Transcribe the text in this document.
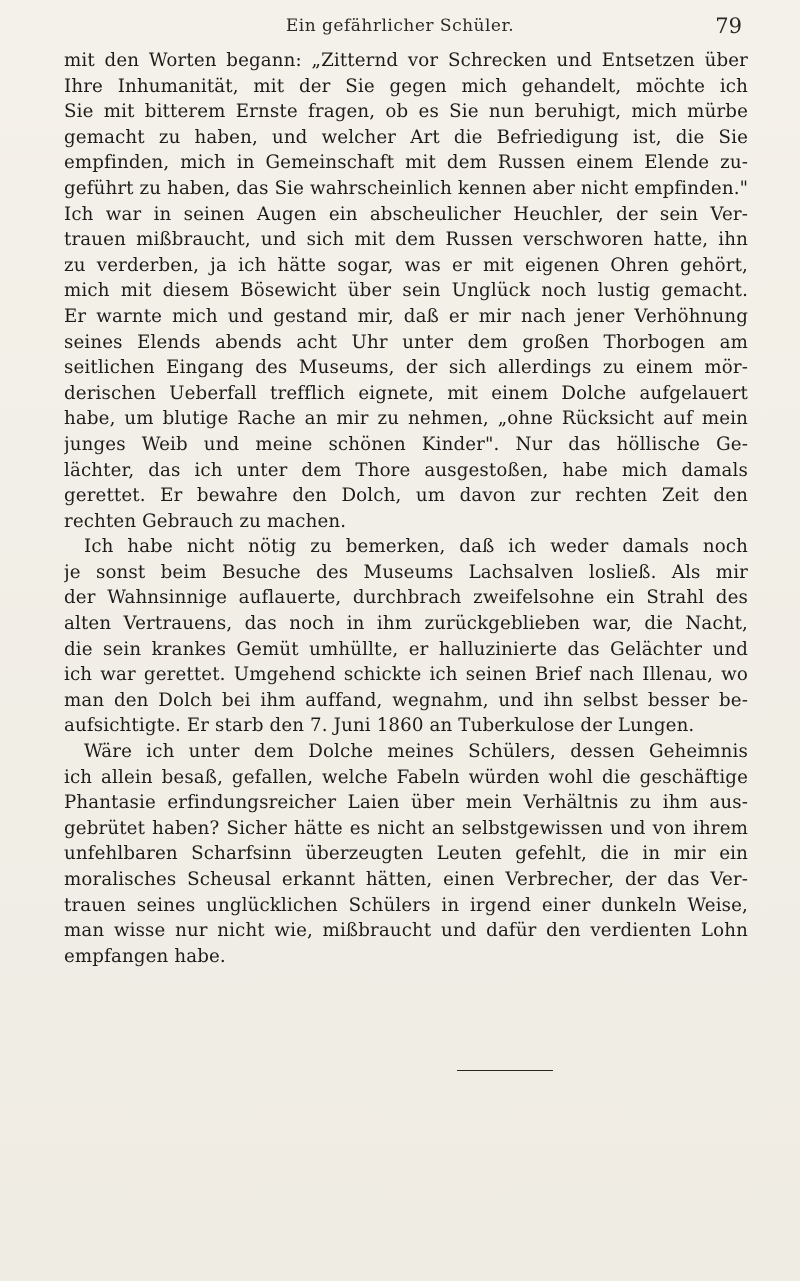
Ein gefährlicher Schüler.	79
mit den Worten begann: „Zitternd vor Schrecken und Entsetzen über
Ihre Inhumanität, mit der Sie gegen mich gehandelt, möchte ich
Sie mit bitterem Ernste fragen, ob es Sie nun beruhigt, mich mürbe
gemacht zu haben, und welcher Art die Befriedigung ist, die Sie
empfinden, mich in Gemeinschaft mit dem Russen einem Elende zu-
geführt zu haben, das Sie wahrscheinlich kennen aber nicht empfinden."
Ich war in seinen Augen ein abscheulicher Heuchler, der sein Ver-
trauen mißbraucht, und sich mit dem Russen verschworen hatte, ihn
zu verderben, ja ich hätte sogar, was er mit eigenen Ohren gehört,
mich mit diesem Bösewicht über sein Unglück noch lustig gemacht.
Er warnte mich und gestand mir, daß er mir nach jener Verhöhnung
seines Elends abends acht Uhr unter dem großen Thorbogen am
seitlichen Eingang des Museums, der sich allerdings zu einem mör-
derischen Ueberfall trefflich eignete, mit einem Dolche aufgelauert
habe, um blutige Rache an mir zu nehmen, „ohne Rücksicht auf mein
junges Weib und meine schönen Kinder". Nur das höllische Ge-
lächter, das ich unter dem Thore ausgestoßen, habe mich damals
gerettet. Er bewahre den Dolch, um davon zur rechten Zeit den
rechten Gebrauch zu machen.
Ich habe nicht nötig zu bemerken, daß ich weder damals noch
je sonst beim Besuche des Museums Lachsalven losließ. Als mir
der Wahnsinnige auflauerte, durchbrach zweifelsohne ein Strahl des
alten Vertrauens, das noch in ihm zurückgeblieben war, die Nacht,
die sein krankes Gemüt umhüllte, er halluzinierte das Gelächter und
ich war gerettet. Umgehend schickte ich seinen Brief nach Illenau, wo
man den Dolch bei ihm auffand, wegnahm, und ihn selbst besser be-
aufsichtigte. Er starb den 7. Juni 1860 an Tuberkulose der Lungen.
Wäre ich unter dem Dolche meines Schülers, dessen Geheimnis
ich allein besaß, gefallen, welche Fabeln würden wohl die geschäftige
Phantasie erfindungsreicher Laien über mein Verhältnis zu ihm aus-
gebrütet haben? Sicher hätte es nicht an selbstgewissen und von ihrem
unfehlbaren Scharfsinn überzeugten Leuten gefehlt, die in mir ein
moralisches Scheusal erkannt hätten, einen Verbrecher, der das Ver-
trauen seines unglücklichen Schülers in irgend einer dunkeln Weise,
man wisse nur nicht wie, mißbraucht und dafür den verdienten Lohn
empfangen habe.
